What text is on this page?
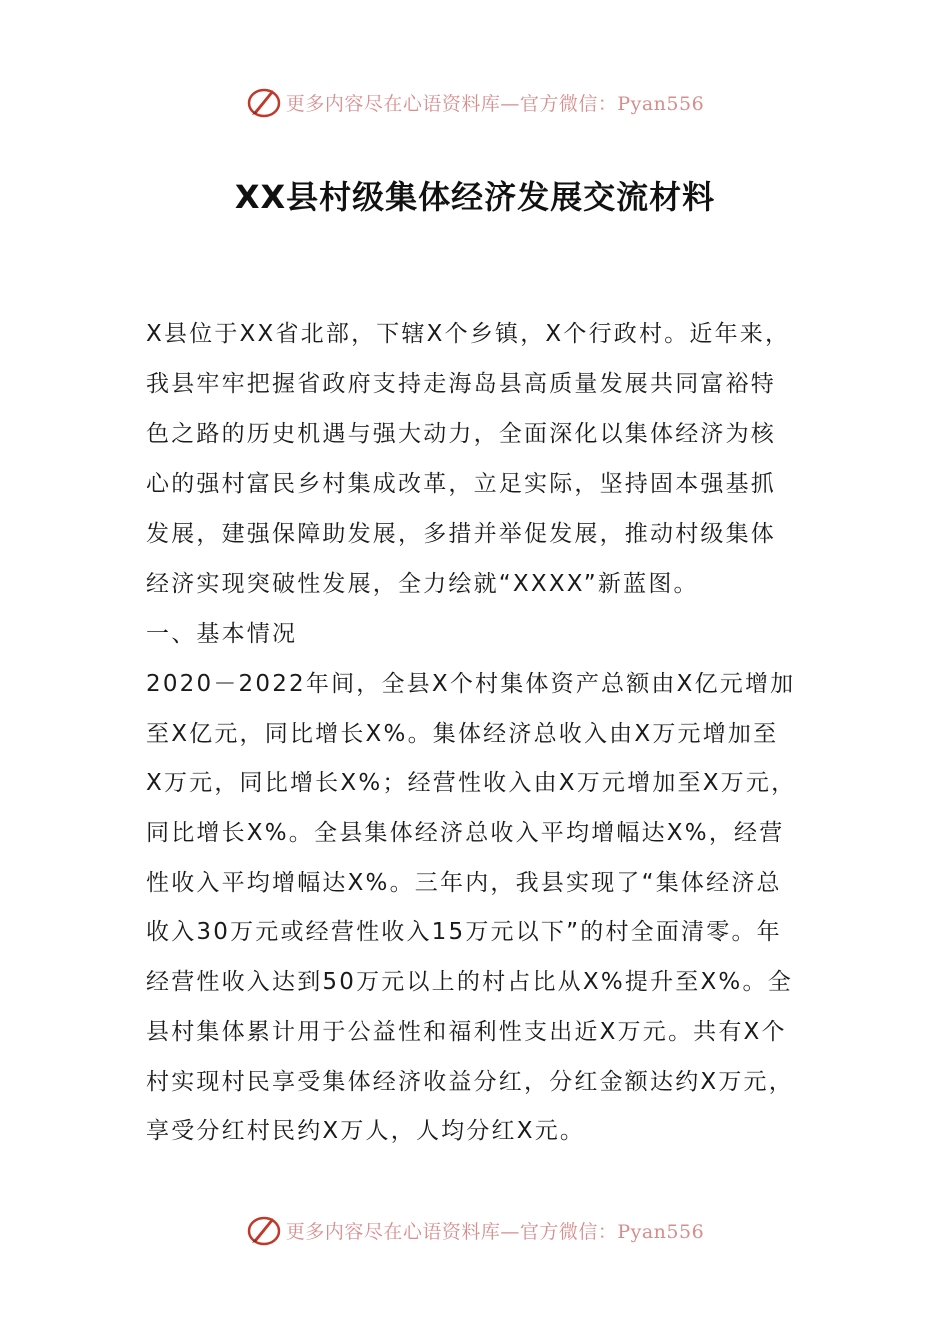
更多内容尽在心语资料库—官方微信：Pyan556
XX县村级集体经济发展交流材料
X县位于XX省北部，下辖X个乡镇，X个行政村。近年来，
我县牢牢把握省政府支持走海岛县高质量发展共同富裕特
色之路的历史机遇与强大动力，全面深化以集体经济为核
心的强村富民乡村集成改革，立足实际，坚持固本强基抓
发展，建强保障助发展，多措并举促发展，推动村级集体
经济实现突破性发展，全力绘就“XXXX”新蓝图。
一、基本情况
2020－2022年间，全县X个村集体资产总额由X亿元增加
至X亿元，同比增长X%。集体经济总收入由X万元增加至
X万元，同比增长X%；经营性收入由X万元增加至X万元，
同比增长X%。全县集体经济总收入平均增幅达X%，经营
性收入平均增幅达X%。三年内，我县实现了“集体经济总
收入30万元或经营性收入15万元以下”的村全面清零。年
经营性收入达到50万元以上的村占比从X%提升至X%。全
县村集体累计用于公益性和福利性支出近X万元。共有X个
村实现村民享受集体经济收益分红，分红金额达约X万元，
享受分红村民约X万人，人均分红X元。
更多内容尽在心语资料库—官方微信：Pyan556
